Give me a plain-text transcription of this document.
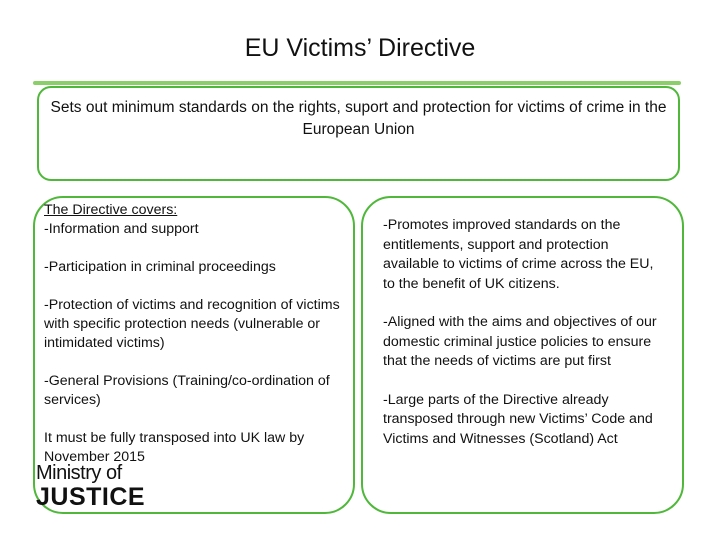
EU Victims’ Directive
Sets out minimum standards on the rights, suport and protection for victims of crime in the European Union

The Directive covers:

-Information and support

-Participation in criminal proceedings

-Protection of victims and recognition of victims with specific protection needs (vulnerable or intimidated victims)

-General Provisions (Training/co-ordination of services)

It must be fully transposed into UK law by November 2015

-Promotes improved standards on the entitlements, support and protection available to victims of crime across the EU, to the benefit of UK citizens.

-Aligned with the aims and objectives of our domestic criminal justice policies to ensure that the needs of victims are put first

-Large parts of the Directive already transposed through new Victims’ Code and Victims and Witnesses (Scotland) Act

Ministry of
JUSTICE
